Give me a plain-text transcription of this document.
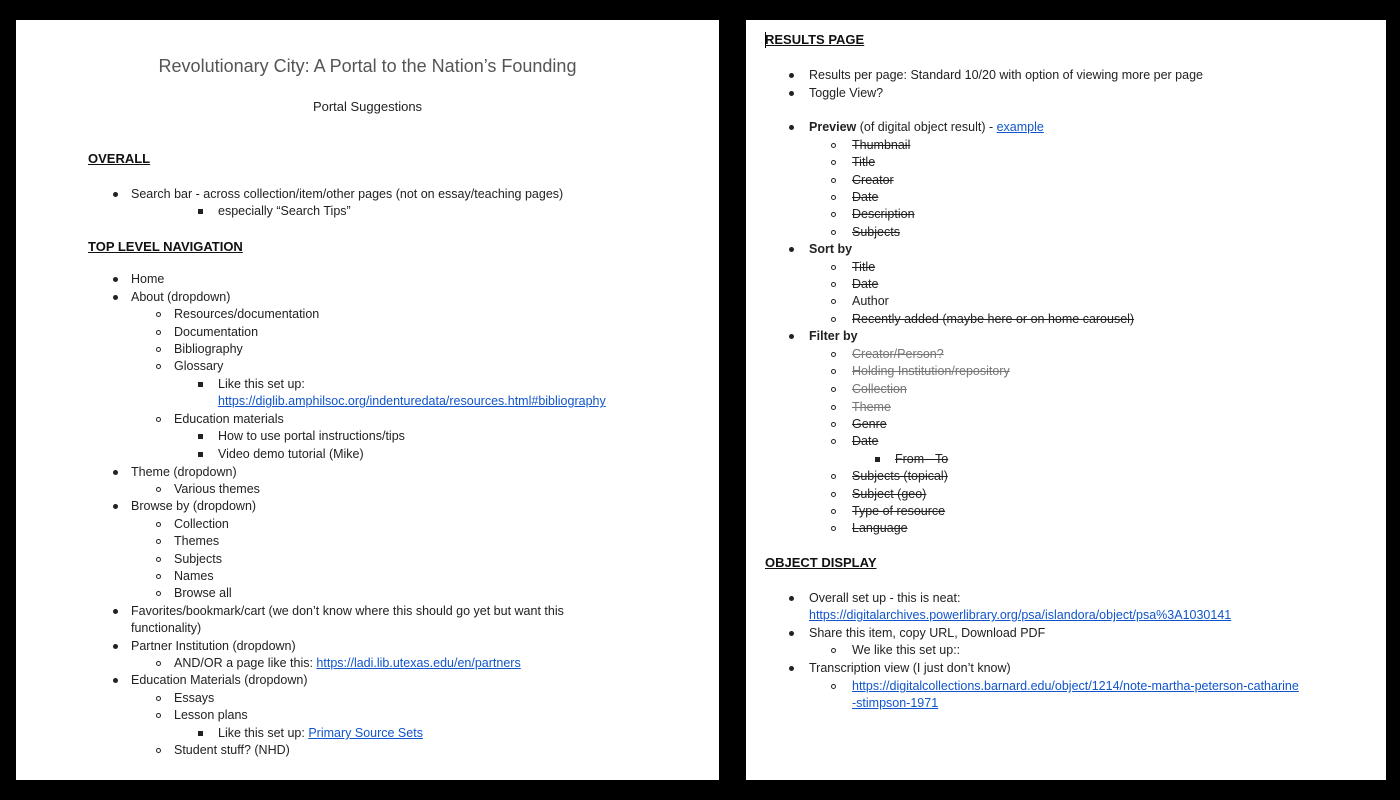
Revolutionary City: A Portal to the Nation’s Founding
Portal Suggestions
OVERALL
Search bar - across collection/item/other pages (not on essay/teaching pages)
especially “Search Tips”
TOP LEVEL NAVIGATION
Home
About (dropdown)
Resources/documentation
Documentation
Bibliography
Glossary
Like this set up:
https://diglib.amphilsoc.org/indenturedata/resources.html#bibliography
Education materials
How to use portal instructions/tips
Video demo tutorial (Mike)
Theme (dropdown)
Various themes
Browse by (dropdown)
Collection
Themes
Subjects
Names
Browse all
Favorites/bookmark/cart (we don’t know where this should go yet but want this
functionality)
Partner Institution (dropdown)
AND/OR a page like this: https://ladi.lib.utexas.edu/en/partners
Education Materials (dropdown)
Essays
Lesson plans
Like this set up: Primary Source Sets
Student stuff? (NHD)
RESULTS PAGE
Results per page: Standard 10/20 with option of viewing more per page
Toggle View?
Preview (of digital object result) - example
Thumbnail
Title
Creator
Date
Description
Subjects
Sort by
Title
Date
Author
Recently added (maybe here or on home carousel)
Filter by
Creator/Person?
Holding Institution/repository
Collection
Theme
Genre
Date
From - To
Subjects (topical)
Subject (geo)
Type of resource
Language
OBJECT DISPLAY
Overall set up - this is neat:
https://digitalarchives.powerlibrary.org/psa/islandora/object/psa%3A1030141
Share this item, copy URL, Download PDF
We like this set up::
Transcription view (I just don’t know)
https://digitalcollections.barnard.edu/object/1214/note-martha-peterson-catharine
-stimpson-1971
